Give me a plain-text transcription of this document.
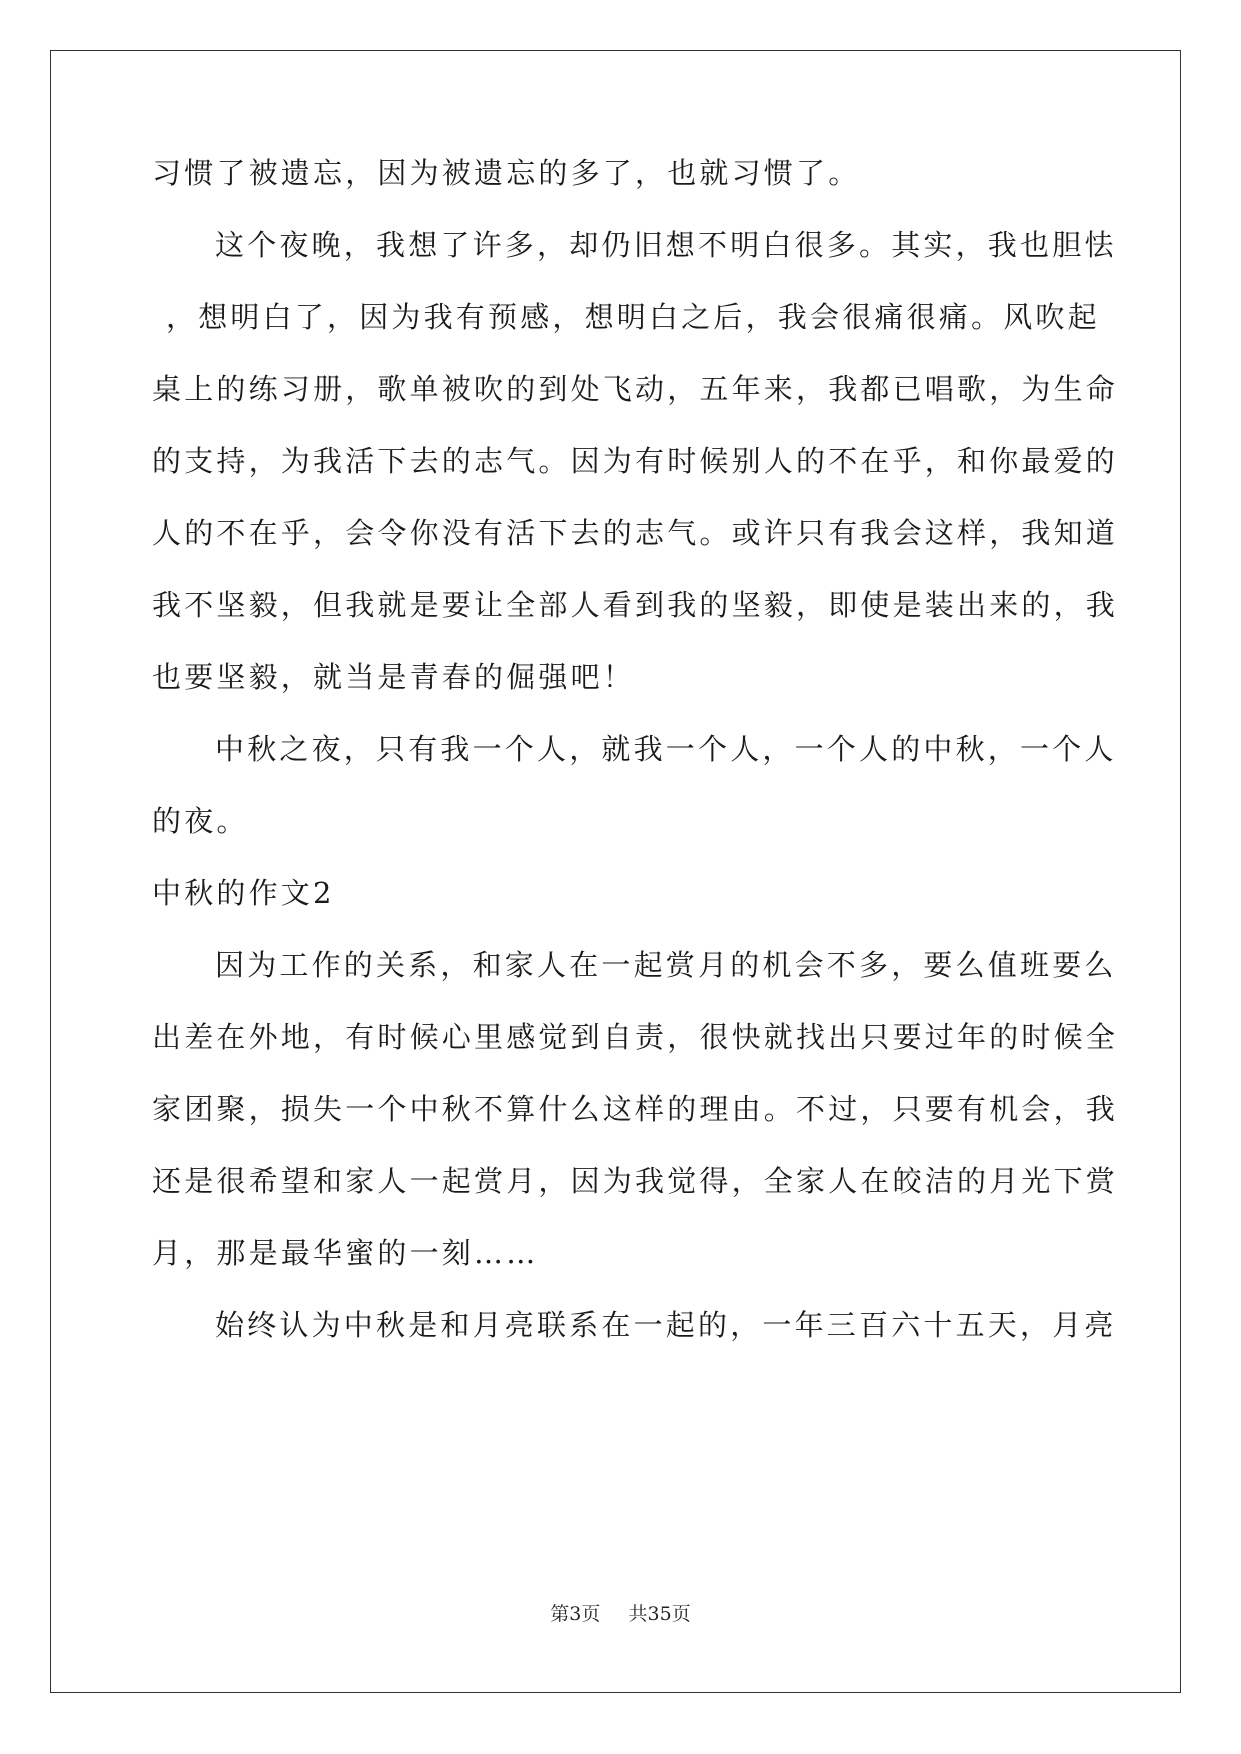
习惯了被遗忘，因为被遗忘的多了，也就习惯了。
这个夜晚，我想了许多，却仍旧想不明白很多。其实，我也胆怯
，想明白了，因为我有预感，想明白之后，我会很痛很痛。风吹起
桌上的练习册，歌单被吹的到处飞动，五年来，我都已唱歌，为生命
的支持，为我活下去的志气。因为有时候别人的不在乎，和你最爱的
人的不在乎，会令你没有活下去的志气。或许只有我会这样，我知道
我不坚毅，但我就是要让全部人看到我的坚毅，即使是装出来的，我
也要坚毅，就当是青春的倔强吧！
中秋之夜，只有我一个人，就我一个人，一个人的中秋，一个人
的夜。
中秋的作文2
因为工作的关系，和家人在一起赏月的机会不多，要么值班要么
出差在外地，有时候心里感觉到自责，很快就找出只要过年的时候全
家团聚，损失一个中秋不算什么这样的理由。不过，只要有机会，我
还是很希望和家人一起赏月，因为我觉得，全家人在皎洁的月光下赏
月，那是最华蜜的一刻……
始终认为中秋是和月亮联系在一起的，一年三百六十五天，月亮
第3页 共35页
